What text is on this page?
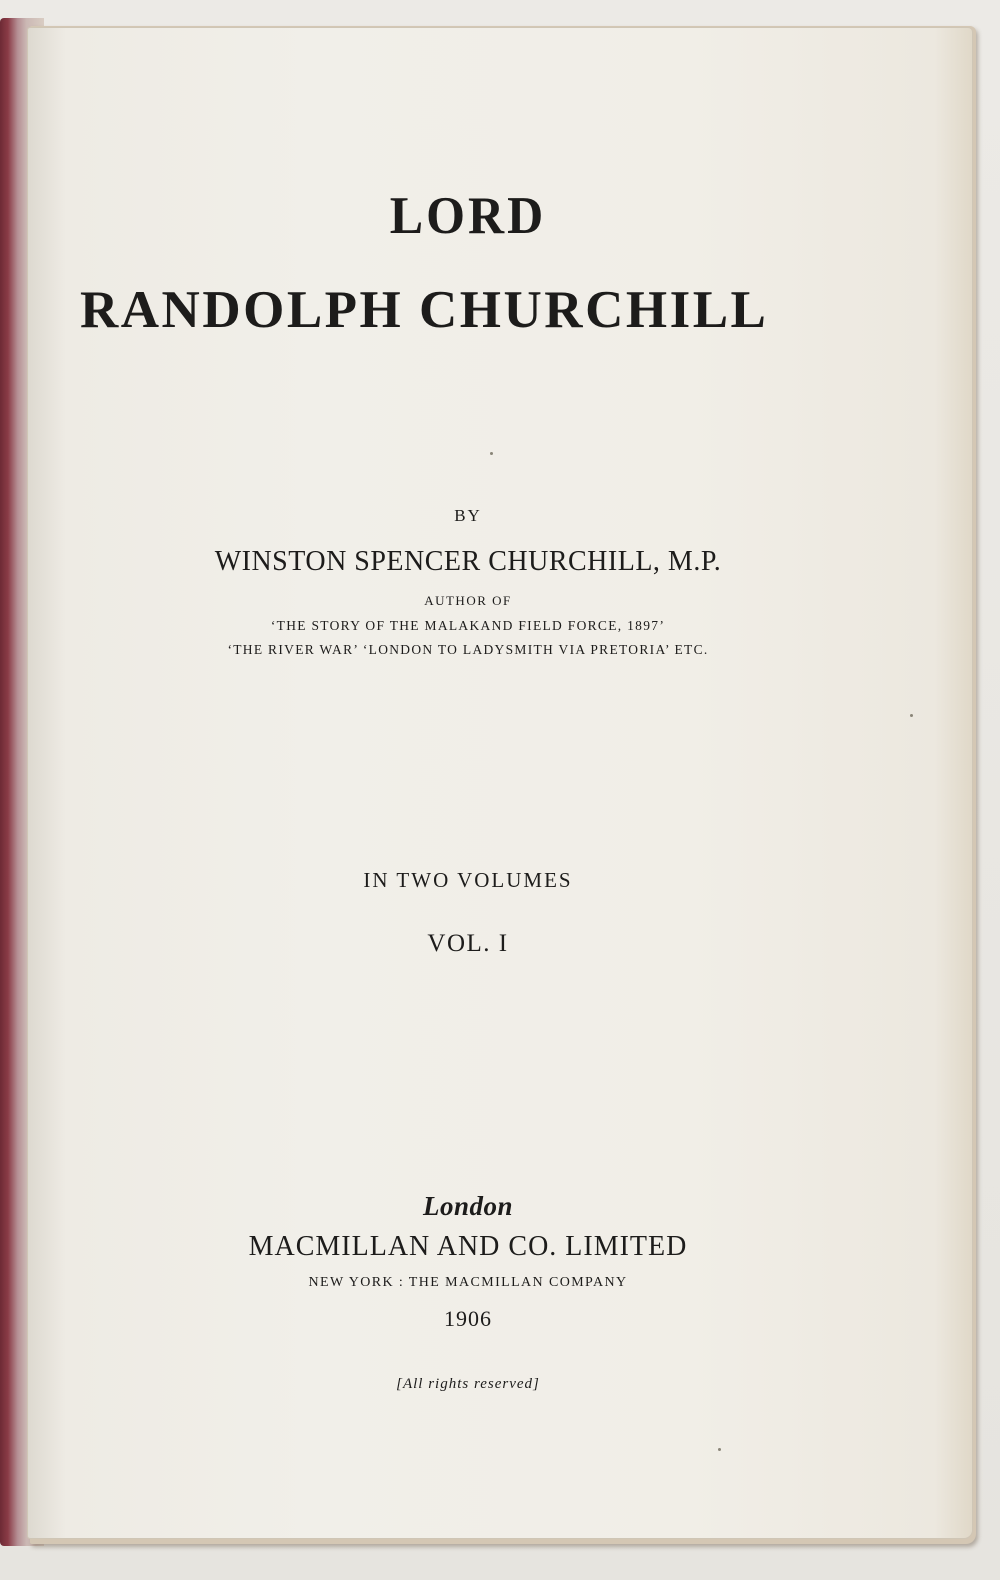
LORD
RANDOLPH CHURCHILL
BY
WINSTON SPENCER CHURCHILL, M.P.
AUTHOR OF
‘THE STORY OF THE MALAKAND FIELD FORCE, 1897’
‘THE RIVER WAR’ ‘LONDON TO LADYSMITH VIA PRETORIA’ ETC.
IN TWO VOLUMES
VOL. I
London
MACMILLAN AND CO. LIMITED
NEW YORK : THE MACMILLAN COMPANY
1906
[All rights reserved]
